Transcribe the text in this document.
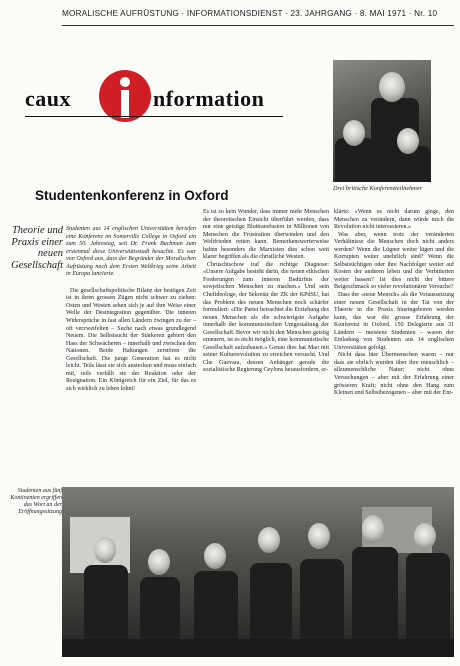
MORALISCHE AUFRÜSTUNG · INFORMATIONSDIENST · 23. JAHRGANG · 8. MAI 1971 · Nr. 10
caux	nformation
Drei britische Konferenzteilnehmer
Studentenkonferenz in Oxford
Theorie und Praxis einer neuen Gesellschaft

Studenten aus 14 englischen Universitäten beriefen eine Konferenz im Somerville College in Oxford ein zum 50. Jahrestag, seit Dr. Frank Buchman zum erstenmal diese Universitätsstadt besuchte. Es war von Oxford aus, dass der Begründer der Moralischen Aufrüstung nach dem Ersten Weltkrieg seine Arbeit in Europa lancierte.

Die gesellschaftspolitische Bilanz der heutigen Zeit ist in ihren grossen Zügen nicht schwer zu ziehen: Osten und Westen sehen sich je auf ihre Weise einer Welle der Desintegration gegenüber. Die inneren Widersprüche in fast allen Ländern zwingen zu der – oft verzweifelten – Suche nach etwas grundlegend Neuem. Die Selbstsucht der Stärkeren gebiert den Hass der Schwächeren – innerhalb und zwischen den Nationen. Beide Haltungen zerstören die Gesellschaft. Die junge Generation hat es nicht leicht. Teils lässt sie sich anstecken und muss einfach mit, teils verfällt sie der Reaktion oder der Resignation. Ein Königreich für ein Ziel, für das es sich wirklich zu leben lohnt!

Es ist so kein Wunder, dass immer mehr Menschen der theoretischen Einsicht überführt werden, dass nur eine geistige Bluttransfusion in Millionen von Menschen die Frustration überwinden und den Weltfrieden retten kann. Bemerkenswerterweise haben besonders die Marxisten dies schon weit klarer begriffen als die christliche Westen.

Chruschtschow traf die richtige Diagnose: «Unsere Aufgabe besteht darin, die neuen ethischen Forderungen zum inneren Bedürfnis der sowjetischen Menschen zu machen.» Und sein Chefideologe, der Sekretär der ZK der KPdSU, hat das Problem des neuen Menschen noch schärfer formuliert: «Die Partei betrachtet die Erziehung des neuen Menschen als die schwierigste Aufgabe innerhalb der kommunistischen Umgestaltung der Gesellschaft. Bevor wir nicht den Menschen geistig erneuern, ist es nicht möglich, eine kommunistische Gesellschaft aufzubauen.» Genau dies hat Mao mit seiner Kulturrevolution zu erreichen versucht. Und Che Guevara, dessen Anhänger gerade die sozialistische Regierung Ceylons herausfordern, er-

klärte: «Wenn es nicht darum ginge, den Menschen zu verändern, dann würde mich die Revolution nicht interessieren.»

Was aber, wenn trotz der veränderten Verhältnisse die Menschen doch nicht anders werden? Wenn die Lügner weiter lügen und die Korrupten weiter unehrlich sind? Wenn die Selbstsüchtigen oder ihre Nachfolger weiter auf Kosten der anderen leben und die Verbitterten weiter hassen? Ist dies nicht der bittere Beigeschmack so vieler revolutionärer Versuche?

Dass der «neue Mensch» als die Voraussetzung einer neuen Gesellschaft in der Tat von der Theorie in die Praxis hineingeboren werden kann, das war die grosse Erfahrung der Konferenz in Oxford. 150 Delegierte aus 31 Ländern – meistens Studenten – waren der Einladung von Studenten aus 14 englischen Universitäten gefolgt.

Nicht dass hier Übermenschen waren – nur dass sie ehrlich wurden über ihre menschlich – allzumenschliche Natur; nicht ohne Versuchungen – aber mit der Erfahrung einer grösseren Kraft; nicht ohne den Hang zum Kleinen und Selbstbezogenen – aber mit der Ent-

Studenten aus fünf Kontinenten ergriffen das Wort an der Eröffnungssitzung
